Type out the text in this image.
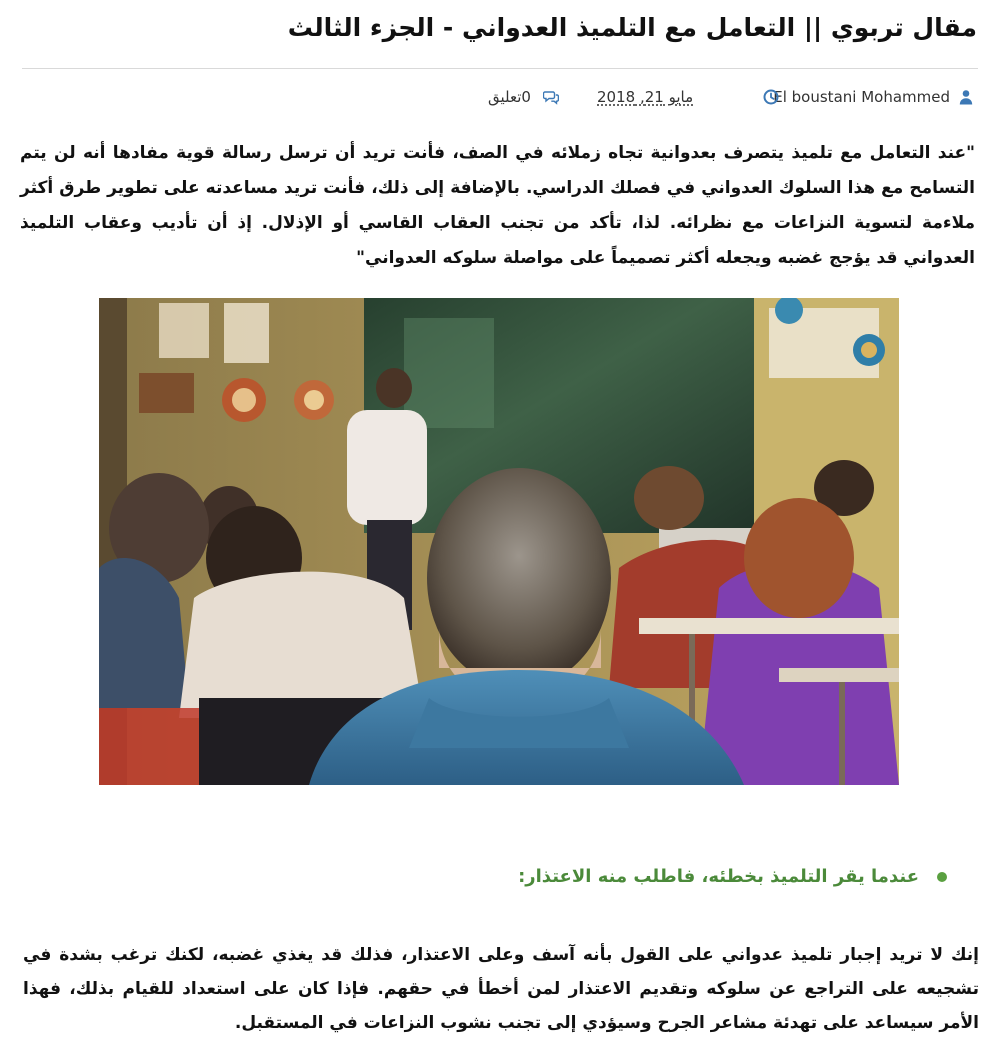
مقال تربوي || التعامل مع التلميذ العدواني - الجزء الثالث
El boustani Mohammed
مايو 21, 2018
0تعليق

"عند التعامل مع تلميذ يتصرف بعدوانية تجاه زملائه في الصف، فأنت تريد أن ترسل رسالة قوية مفادها أنه لن يتم التسامح مع هذا السلوك العدواني في فصلك الدراسي. بالإضافة إلى ذلك، فأنت تريد مساعدته على تطوير طرق أكثر ملاءمة لتسوية النزاعات مع نظرائه. لذا، تأكد من تجنب العقاب القاسي أو الإذلال. إذ أن تأديب وعقاب التلميذ العدواني قد يؤجج غضبه ويجعله أكثر تصميماً على مواصلة سلوكه العدواني"

عندما يقر التلميذ بخطئه، فاطلب منه الاعتذار:

إنك لا تريد إجبار تلميذ عدواني على القول بأنه آسف وعلى الاعتذار، فذلك قد يغذي غضبه، لكنك ترغب بشدة في تشجيعه على التراجع عن سلوكه وتقديم الاعتذار لمن أخطأ في حقهم. فإذا كان على استعداد للقيام بذلك، فهذا الأمر سيساعد على تهدئة مشاعر الجرح وسيؤدي إلى تجنب نشوب النزاعات في المستقبل.
